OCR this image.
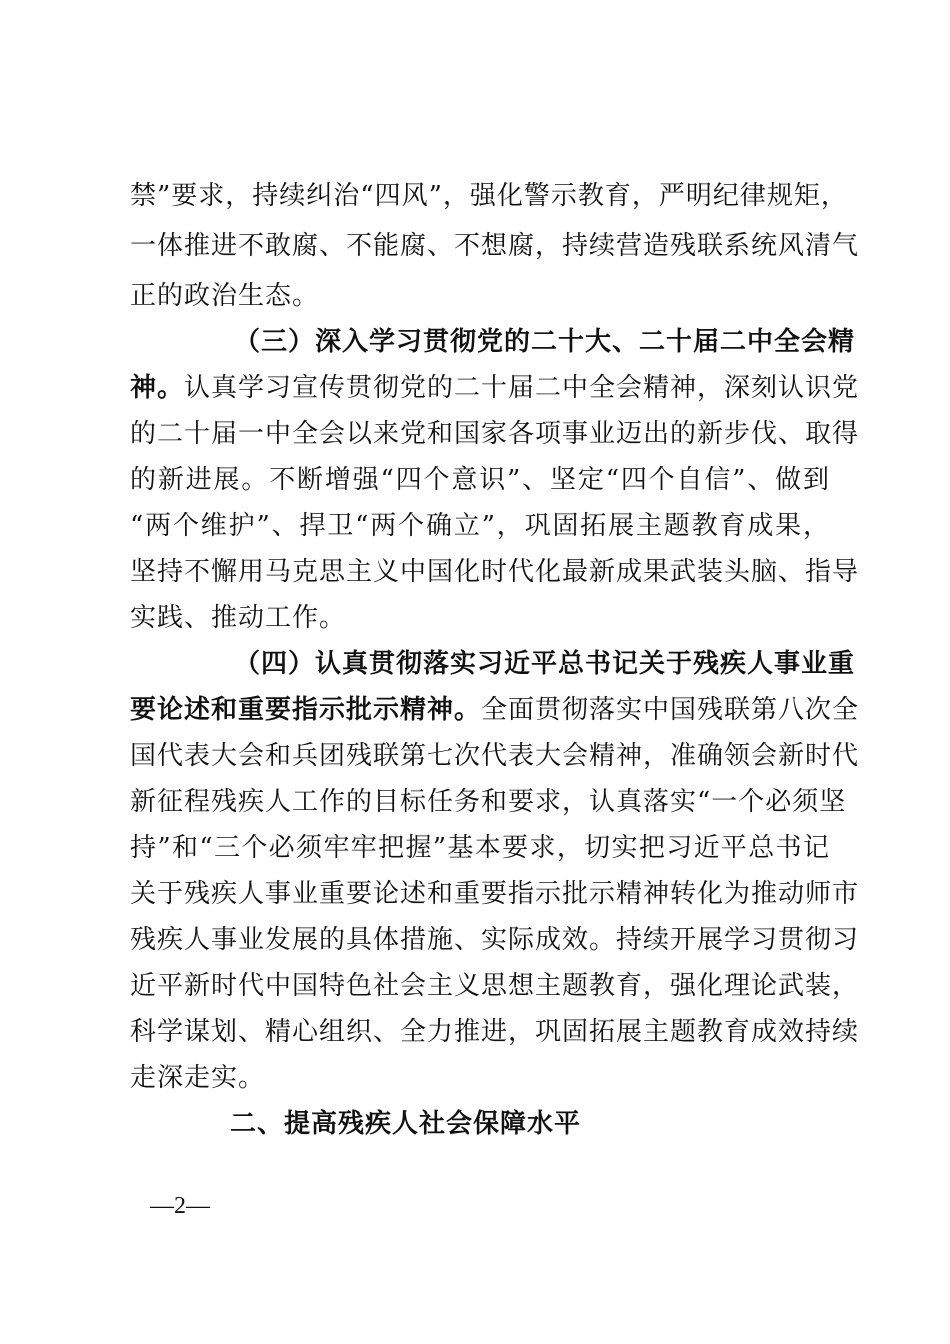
禁”要求，持续纠治“四风”，强化警示教育，严明纪律规矩，
一体推进不敢腐、不能腐、不想腐，持续营造残联系统风清气
正的政治生态。
（三）深入学习贯彻党的二十大、二十届二中全会精
神。认真学习宣传贯彻党的二十届二中全会精神，深刻认识党
的二十届一中全会以来党和国家各项事业迈出的新步伐、取得
的新进展。不断增强“四个意识”、坚定“四个自信”、做到
“两个维护”、捍卫“两个确立”，巩固拓展主题教育成果，
坚持不懈用马克思主义中国化时代化最新成果武装头脑、指导
实践、推动工作。
（四）认真贯彻落实习近平总书记关于残疾人事业重
要论述和重要指示批示精神。全面贯彻落实中国残联第八次全
国代表大会和兵团残联第七次代表大会精神，准确领会新时代
新征程残疾人工作的目标任务和要求，认真落实“一个必须坚
持”和“三个必须牢牢把握”基本要求，切实把习近平总书记
关于残疾人事业重要论述和重要指示批示精神转化为推动师市
残疾人事业发展的具体措施、实际成效。持续开展学习贯彻习
近平新时代中国特色社会主义思想主题教育，强化理论武装，
科学谋划、精心组织、全力推进，巩固拓展主题教育成效持续
走深走实。
二、提高残疾人社会保障水平
—2—
